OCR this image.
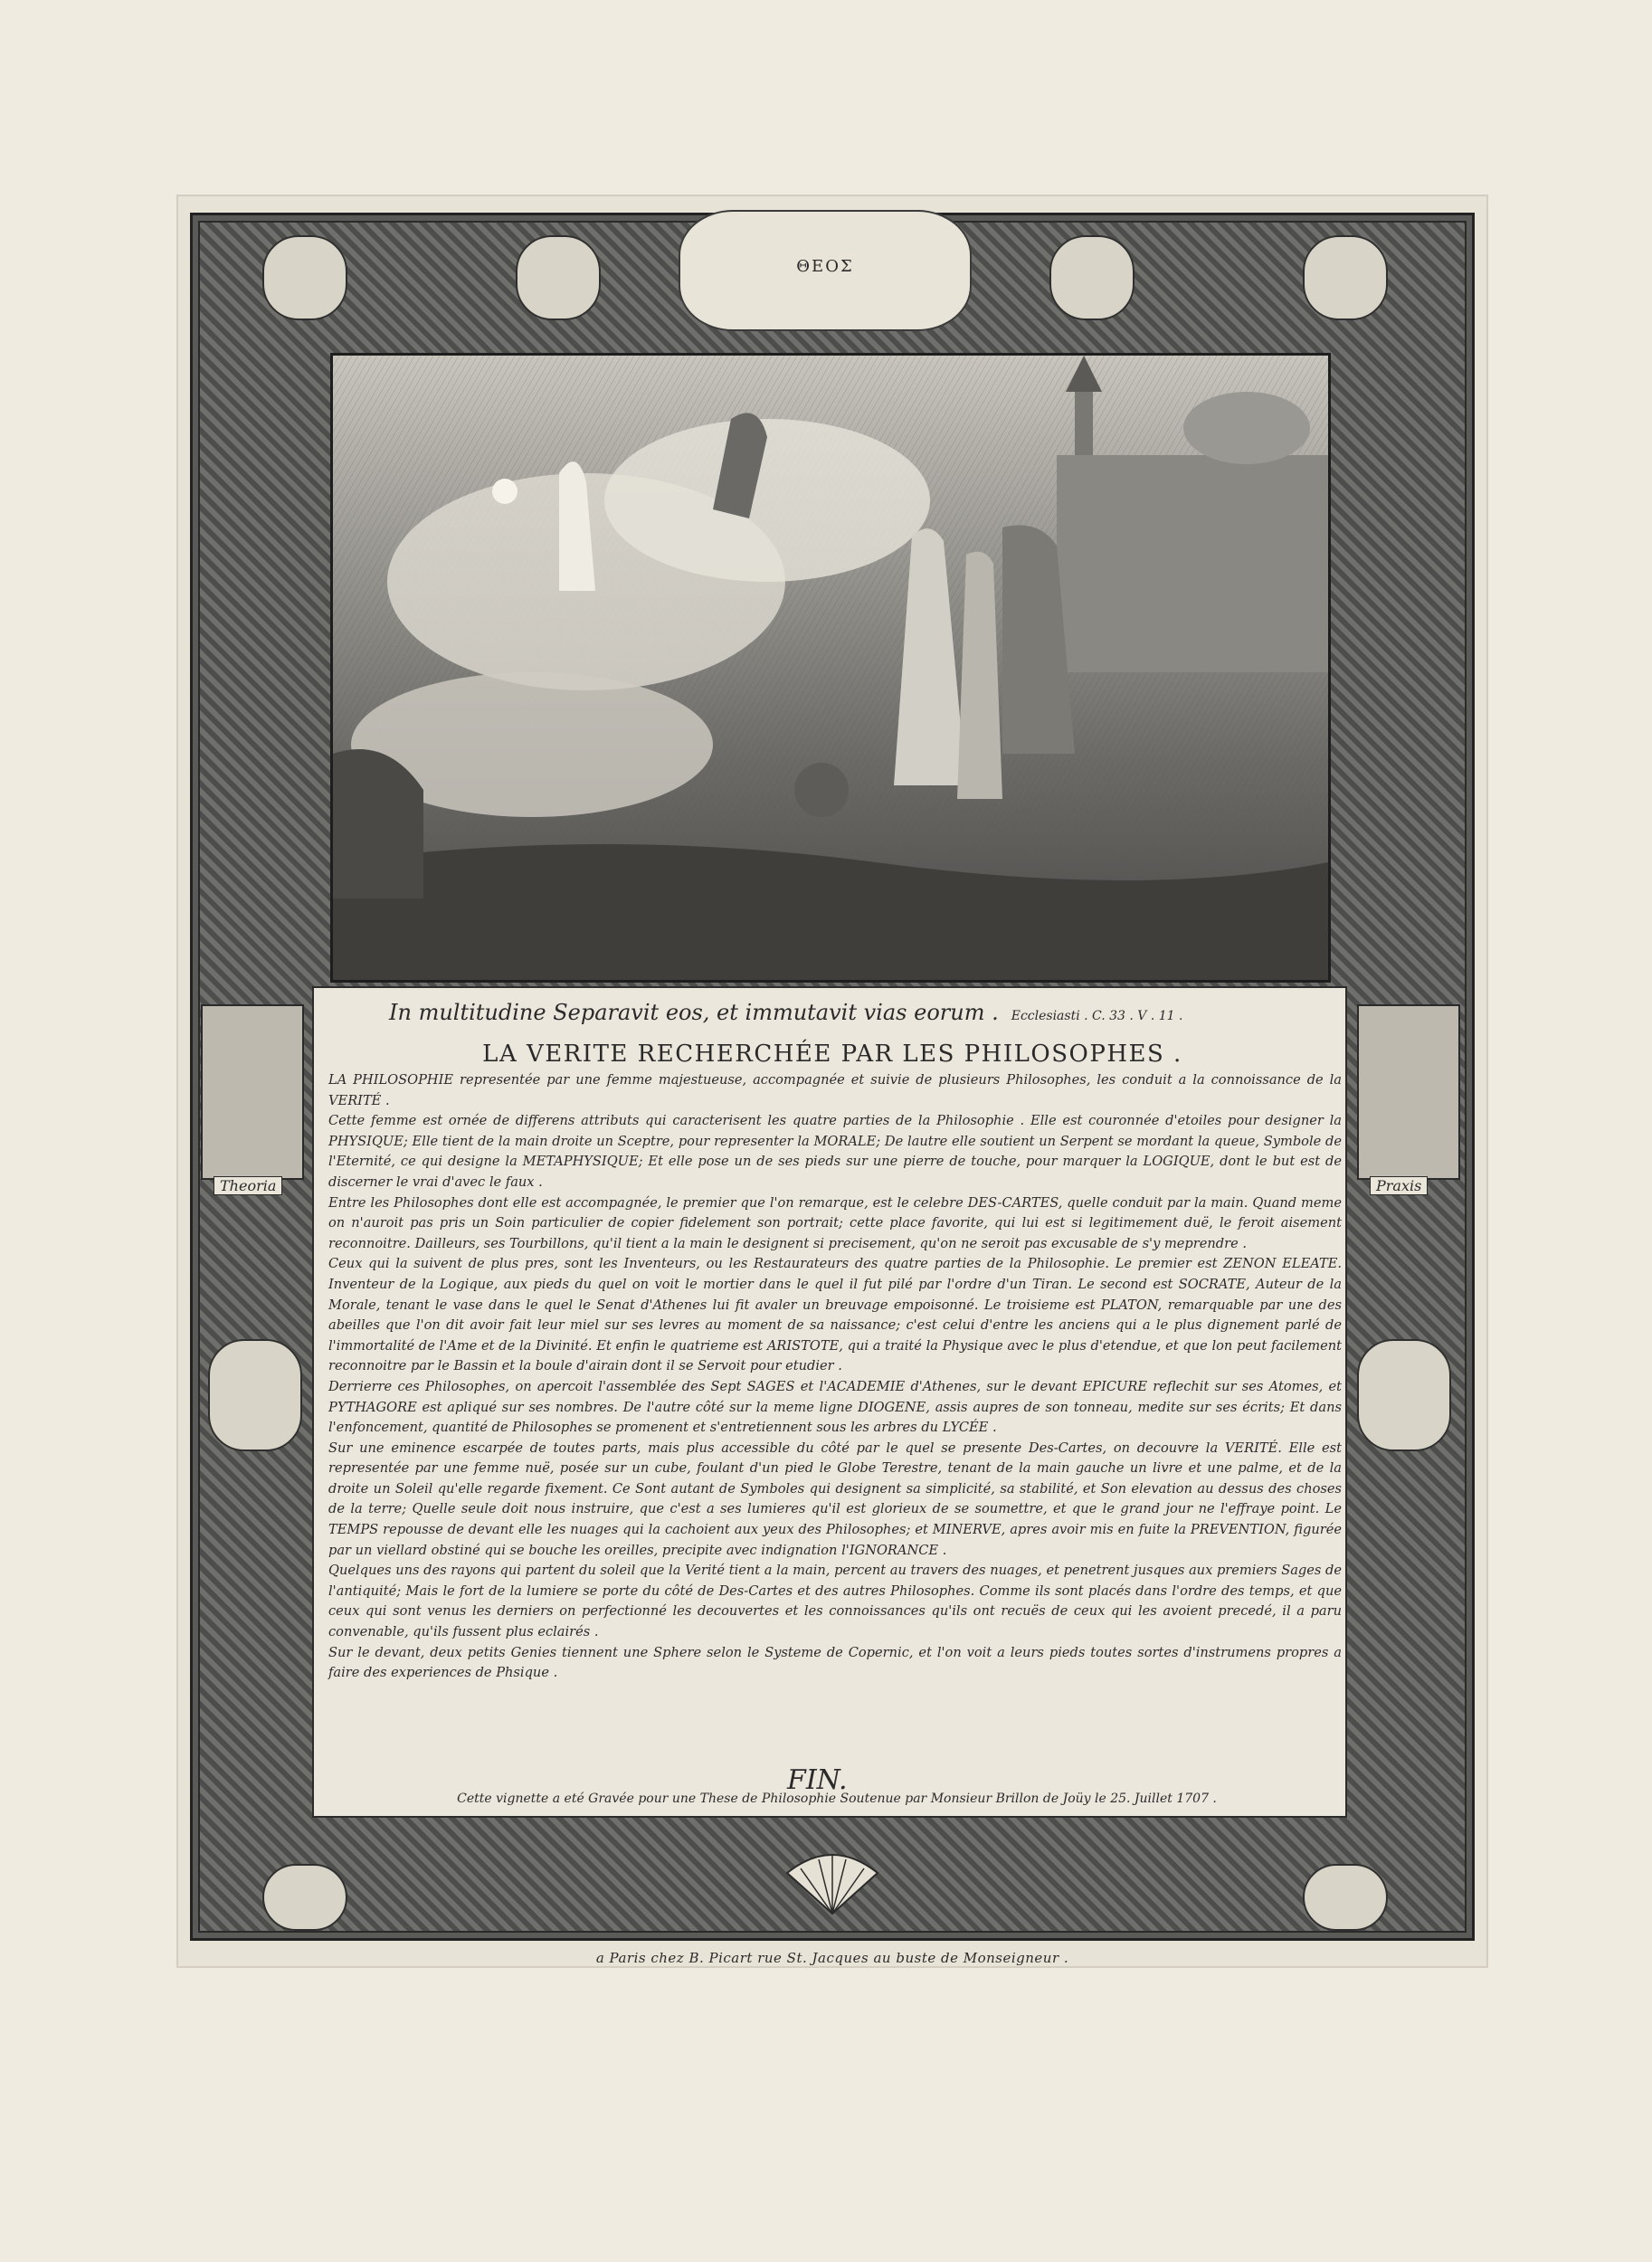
ΘΕΟΣ
In multitudine Separavit eos, et immutavit vias eorum . Ecclesiasti . C. 33 . V . 11 .
LA VERITE RECHERCHÉE PAR LES PHILOSOPHES .

LA PHILOSOPHIE representée par une femme majestueuse, accompagnée et suivie de plusieurs Philosophes, les conduit a la connoissance de la VERITÉ .

Cette femme est ornée de differens attributs qui caracterisent les quatre parties de la Philosophie . Elle est couronnée d'etoiles pour designer la PHYSIQUE; Elle tient de la main droite un Sceptre, pour representer la MORALE; De lautre elle soutient un Serpent se mordant la queue, Symbole de l'Eternité, ce qui designe la METAPHYSIQUE; Et elle pose un de ses pieds sur une pierre de touche, pour marquer la LOGIQUE, dont le but est de discerner le vrai d'avec le faux .

Entre les Philosophes dont elle est accompagnée, le premier que l'on remarque, est le celebre DES-CARTES, quelle conduit par la main. Quand meme on n'auroit pas pris un Soin particulier de copier fidelement son portrait; cette place favorite, qui lui est si legitimement duë, le feroit aisement reconnoitre. Dailleurs, ses Tourbillons, qu'il tient a la main le designent si precisement, qu'on ne seroit pas excusable de s'y meprendre .

Ceux qui la suivent de plus pres, sont les Inventeurs, ou les Restaurateurs des quatre parties de la Philosophie. Le premier est ZENON ELEATE. Inventeur de la Logique, aux pieds du quel on voit le mortier dans le quel il fut pilé par l'ordre d'un Tiran. Le second est SOCRATE, Auteur de la Morale, tenant le vase dans le quel le Senat d'Athenes lui fit avaler un breuvage empoisonné. Le troisieme est PLATON, remarquable par une des abeilles que l'on dit avoir fait leur miel sur ses levres au moment de sa naissance; c'est celui d'entre les anciens qui a le plus dignement parlé de l'immortalité de l'Ame et de la Divinité. Et enfin le quatrieme est ARISTOTE, qui a traité la Physique avec le plus d'etendue, et que lon peut facilement reconnoitre par le Bassin et la boule d'airain dont il se Servoit pour etudier .

Derrierre ces Philosophes, on apercoit l'assemblée des Sept SAGES et l'ACADEMIE d'Athenes, sur le devant EPICURE reflechit sur ses Atomes, et PYTHAGORE est apliqué sur ses nombres. De l'autre côté sur la meme ligne DIOGENE, assis aupres de son tonneau, medite sur ses écrits; Et dans l'enfoncement, quantité de Philosophes se promenent et s'entretiennent sous les arbres du LYCÉE .

Sur une eminence escarpée de toutes parts, mais plus accessible du côté par le quel se presente Des-Cartes, on decouvre la VERITÉ. Elle est representée par une femme nuë, posée sur un cube, foulant d'un pied le Globe Terestre, tenant de la main gauche un livre et une palme, et de la droite un Soleil qu'elle regarde fixement. Ce Sont autant de Symboles qui designent sa simplicité, sa stabilité, et Son elevation au dessus des choses de la terre; Quelle seule doit nous instruire, que c'est a ses lumieres qu'il est glorieux de se soumettre, et que le grand jour ne l'effraye point. Le TEMPS repousse de devant elle les nuages qui la cachoient aux yeux des Philosophes; et MINERVE, apres avoir mis en fuite la PREVENTION, figurée par un viellard obstiné qui se bouche les oreilles, precipite avec indignation l'IGNORANCE .

Quelques uns des rayons qui partent du soleil que la Verité tient a la main, percent au travers des nuages, et penetrent jusques aux premiers Sages de l'antiquité; Mais le fort de la lumiere se porte du côté de Des-Cartes et des autres Philosophes. Comme ils sont placés dans l'ordre des temps, et que ceux qui sont venus les derniers on perfectionné les decouvertes et les connoissances qu'ils ont recuës de ceux qui les avoient precedé, il a paru convenable, qu'ils fussent plus eclairés .

Sur le devant, deux petits Genies tiennent une Sphere selon le Systeme de Copernic, et l'on voit a leurs pieds toutes sortes d'instrumens propres a faire des experiences de Phsique .

FIN.
Cette vignette a eté Gravée pour une These de Philosophie Soutenue par Monsieur Brillon de Joüy le 25. Juillet 1707 .
Theoria	Praxis
a Paris chez B. Picart rue St. Jacques au buste de Monseigneur .
